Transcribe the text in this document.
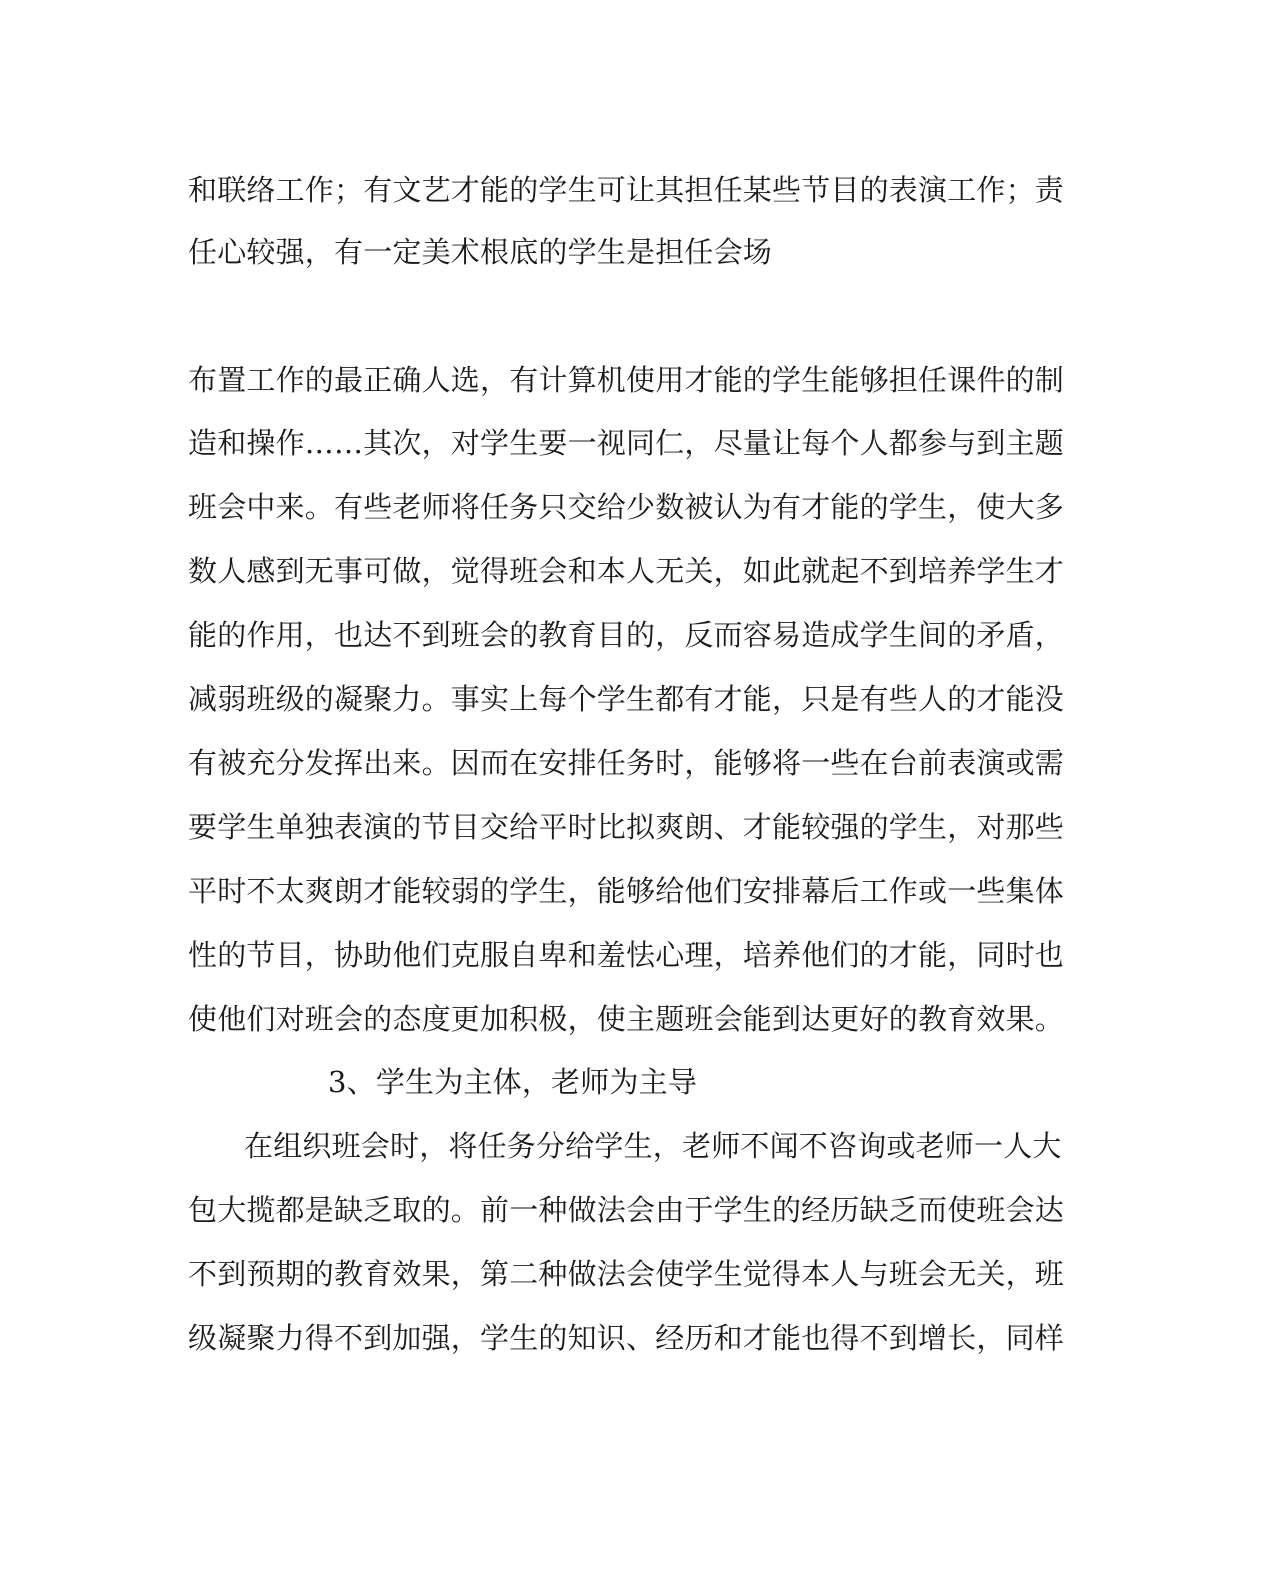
和联络工作；有文艺才能的学生可让其担任某些节目的表演工作；责
任心较强，有一定美术根底的学生是担任会场
布置工作的最正确人选，有计算机使用才能的学生能够担任课件的制
造和操作……其次，对学生要一视同仁，尽量让每个人都参与到主题
班会中来。有些老师将任务只交给少数被认为有才能的学生，使大多
数人感到无事可做，觉得班会和本人无关，如此就起不到培养学生才
能的作用，也达不到班会的教育目的，反而容易造成学生间的矛盾，
减弱班级的凝聚力。事实上每个学生都有才能，只是有些人的才能没
有被充分发挥出来。因而在安排任务时，能够将一些在台前表演或需
要学生单独表演的节目交给平时比拟爽朗、才能较强的学生，对那些
平时不太爽朗才能较弱的学生，能够给他们安排幕后工作或一些集体
性的节目，协助他们克服自卑和羞怯心理，培养他们的才能，同时也
使他们对班会的态度更加积极，使主题班会能到达更好的教育效果。
3、学生为主体，老师为主导
在组织班会时，将任务分给学生，老师不闻不咨询或老师一人大
包大揽都是缺乏取的。前一种做法会由于学生的经历缺乏而使班会达
不到预期的教育效果，第二种做法会使学生觉得本人与班会无关，班
级凝聚力得不到加强，学生的知识、经历和才能也得不到增长，同样
